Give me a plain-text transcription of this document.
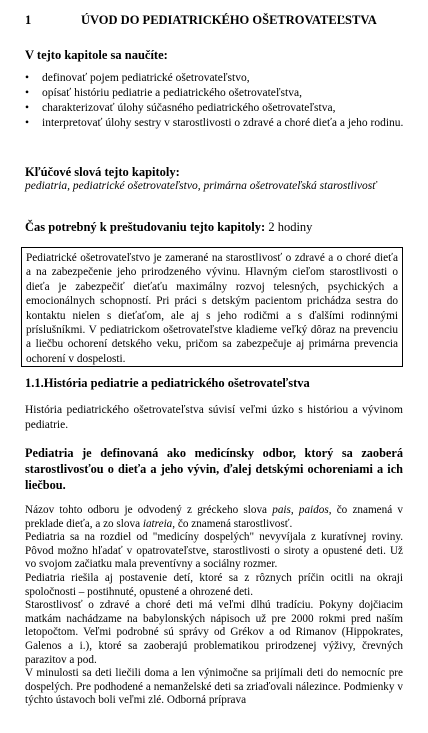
1	ÚVOD DO PEDIATRICKÉHO OŠETROVATEĽSTVA
V tejto kapitole sa naučíte:
• definovať pojem pediatrické ošetrovateľstvo,
• opísať históriu pediatrie a pediatrického ošetrovateľstva,
• charakterizovať úlohy súčasného pediatrického ošetrovateľstva,
• interpretovať úlohy sestry v starostlivosti o zdravé a choré dieťa a jeho rodinu.
Kľúčové slová tejto kapitoly:
pediatria, pediatrické ošetrovateľstvo, primárna ošetrovateľská starostlivosť
Čas potrebný k preštudovaniu tejto kapitoly: 2 hodiny
Pediatrické ošetrovateľstvo je zamerané na starostlivosť o zdravé a o choré dieťa a na zabezpečenie jeho prirodzeného vývinu. Hlavným cieľom starostlivosti o dieťa je zabezpečiť dieťaťu maximálny rozvoj telesných, psychických a emocionálnych schopností. Pri práci s detským pacientom prichádza sestra do kontaktu nielen s dieťaťom, ale aj s jeho rodičmi a s ďalšími rodinnými príslušníkmi. V pediatrickom ošetrovateľstve kladieme veľký dôraz na prevenciu a liečbu ochorení detského veku, pričom sa zabezpečuje aj primárna prevencia ochorení v dospelosti.
1.1.História pediatrie a pediatrického ošetrovateľstva
História pediatrického ošetrovateľstva súvisí veľmi úzko s históriou a vývinom pediatrie.
Pediatria je definovaná ako medicínsky odbor, ktorý sa zaoberá starostlivosťou o dieťa a jeho vývin, ďalej detskými ochoreniami a ich liečbou.

Názov tohto odboru je odvodený z gréckeho slova pais, paidos, čo znamená v preklade dieťa, a zo slova iatreia, čo znamená starostlivosť.

Pediatria sa na rozdiel od "medicíny dospelých" nevyvíjala z kuratívnej roviny. Pôvod možno hľadať v opatrovateľstve, starostlivosti o siroty a opustené deti. Už vo svojom začiatku mala preventívny a sociálny rozmer.

Pediatria riešila aj postavenie detí, ktoré sa z rôznych príčin ocitli na okraji spoločnosti – postihnuté, opustené a ohrozené deti.

Starostlivosť o zdravé a choré deti má veľmi dlhú tradíciu. Pokyny dojčiacim matkám nachádzame na babylonských nápisoch už pre 2000 rokmi pred naším letopočtom. Veľmi podrobné sú správy od Grékov a od Rimanov (Hippokrates, Galenos a i.), ktoré sa zaoberajú problematikou prirodzenej výživy, črevných parazitov a pod.

V minulosti sa deti liečili doma a len výnimočne sa prijímali deti do nemocníc pre dospelých. Pre podhodené a nemanželské deti sa zriaďovali nálezince. Podmienky v týchto ústavoch boli veľmi zlé. Odborná príprava
